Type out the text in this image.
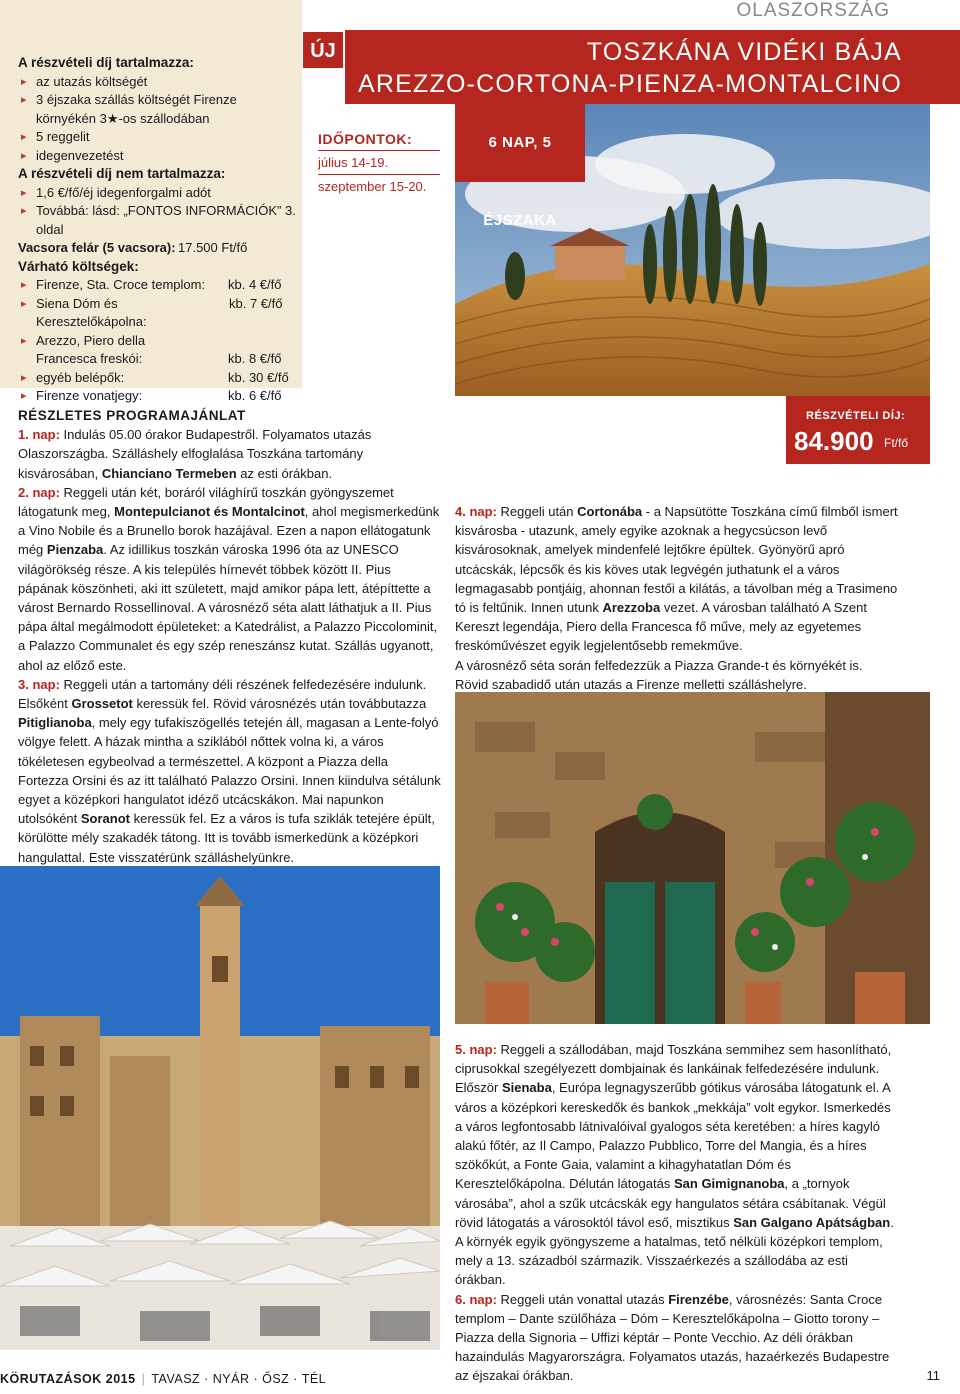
A részvételi díj tartalmazza:
▸ az utazás költségét
▸ 3 éjszaka szállás költségét Firenze környékén 3★-os szállodában
▸ 5 reggelit
▸ idegenvezetést
A részvételi díj nem tartalmazza:
▸ 1,6 €/fő/éj idegenforgalmi adót
▸ Továbbá: lásd: „FONTOS INFORMÁCIÓK” 3. oldal
Vacsora felár (5 vacsora): 17.500 Ft/fő
Várható költségek:
▸ Firenze, Sta. Croce templom: kb. 4 €/fő
▸ Siena Dóm és Keresztelőkápolna:
kb. 7 €/fő
▸ Arezzo, Piero della Francesca freskói:	kb. 8 €/fő
▸ egyéb belépők:	kb. 30 €/fő
▸ Firenze vonatjegy:	kb. 6 €/fő
ÚJ
IDŐPONTOK:
július 14-19.
szeptember 15-20.
OLASZORSZÁG
TOSZKÁNA VIDÉKI BÁJA
AREZZO-CORTONA-PIENZA-MONTALCINO
6 NAP, 5 ÉJSZAKA
RÉSZVÉTELI DÍJ:
84.900 Ft/fő
RÉSZLETES PROGRAMAJÁNLAT

1. nap: Indulás 05.00 órakor Budapestről. Folyamatos utazás Olaszországba. Szálláshely elfoglalása Toszkána tartomány kisvárosában, Chianciano Termeben az esti órákban.

2. nap: Reggeli után két, boráról világhírű toszkán gyöngyszemet látogatunk meg, Montepulcianot és Montalcinot, ahol megismerkedünk a Vino Nobile és a Brunello borok hazájával. Ezen a napon ellátogatunk még Pienzaba. Az idillikus toszkán városka 1996 óta az UNESCO világörökség része. A kis település hírnevét többek között II. Pius pápának köszönheti, aki itt született, majd amikor pápa lett, átépíttette a várost Bernardo Rossellinoval. A városnéző séta alatt láthatjuk a II. Pius pápa által megálmodott épületeket: a Katedrálist, a Palazzo Piccolominit, a Palazzo Communalet és egy szép reneszánsz kutat. Szállás ugyanott, ahol az előző este.

3. nap: Reggeli után a tartomány déli részének felfedezésére indulunk. Elsőként Grossetot keressük fel. Rövid városnézés után továbbutazza Pitiglianoba, mely egy tufakiszögellés tetején áll, magasan a Lente-folyó völgye felett. A házak mintha a sziklából nőttek volna ki, a város tökéletesen egybeolvad a természettel. A központ a Piazza della Fortezza Orsini és az itt található Palazzo Orsini. Innen kiindulva sétálunk egyet a középkori hangulatot idéző utcácskákon. Mai napunkon utolsóként Soranot keressük fel. Ez a város is tufa sziklák tetejére épült, körülötte mély szakadék tátong. Itt is tovább ismerkedünk a középkori hangulattal. Este visszatérünk szálláshelyünkre.

4. nap: Reggeli után Cortonába - a Napsütötte Toszkána című filmből ismert kisvárosba - utazunk, amely egyike azoknak a hegycsúcson levő kisvárosoknak, amelyek mindenfelé lejtőkre épültek. Gyönyörű apró utcácskák, lépcsők és kis köves utak legvégén juthatunk el a város legmagasabb pontjáig, ahonnan festői a kilátás, a távolban még a Trasimeno tó is feltűnik. Innen utunk Arezzoba vezet. A városban található A Szent Kereszt legendája, Piero della Francesca fő műve, mely az egyetemes freskóművészet egyik legjelentősebb remekműve.

A városnéző séta során felfedezzük a Piazza Grande-t és környékét is. Rövid szabadidő után utazás a Firenze melletti szálláshelyre.

5. nap: Reggeli a szállodában, majd Toszkána semmihez sem hasonlítható, ciprusokkal szegélyezett dombjainak és lankáinak felfedezésére indulunk. Először Sienaba, Európa legnagyszerűbb gótikus városába látogatunk el. A város a középkori kereskedők és bankok „mekkája” volt egykor. Ismerkedés a város legfontosabb látnivalóival gyalogos séta keretében: a híres kagyló alakú főtér, az Il Campo, Palazzo Pubblico, Torre del Mangia, és a híres szökőkút, a Fonte Gaia, valamint a kihagyhatatlan Dóm és Keresztelőkápolna. Délután látogatás San Gimignanoba, a „tornyok városába”, ahol a szűk utcácskák egy hangulatos sétára csábítanak. Végül rövid látogatás a városoktól távol eső, misztikus San Galgano Apátságban. A környék egyik gyöngyszeme a hatalmas, tető nélküli középkori templom, mely a 13. századból származik. Visszaérkezés a szállodába az esti órákban.

6. nap: Reggeli után vonattal utazás Firenzébe, városnézés: Santa Croce templom – Dante szülőháza – Dóm – Keresztelőkápolna – Giotto torony – Piazza della Signoria – Uffizi képtár – Ponte Vecchio. Az déli órákban hazaindulás Magyarországra. Folyamatos utazás, hazaérkezés Budapestre az éjszakai órákban.

KÖRUTAZÁSOK 2015 | TAVASZ · NYÁR · ŐSZ · TÉL	11
